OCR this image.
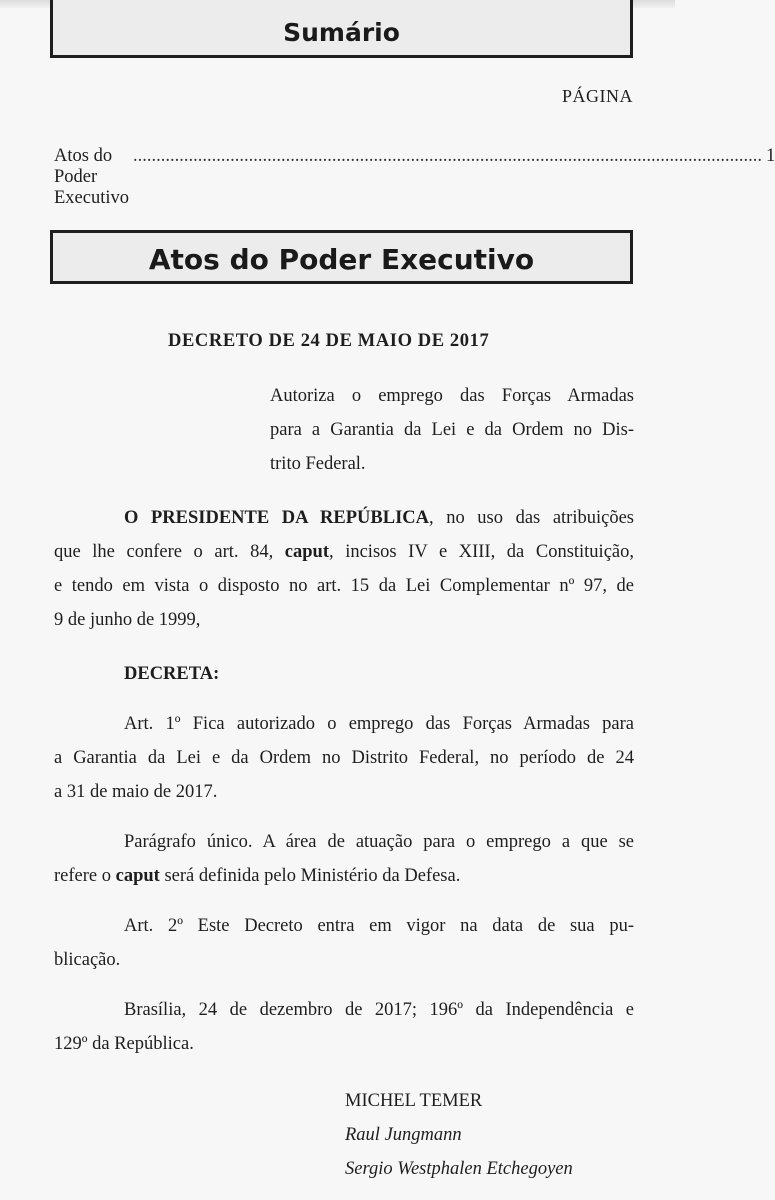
Sumário
PÁGINA
Atos do Poder Executivo
........................................................................................................................................ 1
Atos do Poder Executivo
DECRETO DE 24 DE MAIO DE 2017
Autoriza o emprego das Forças Armadas
para a Garantia da Lei e da Ordem no Dis-
trito Federal.
O PRESIDENTE DA REPÚBLICA, no uso das atribuições
que lhe confere o art. 84, caput, incisos IV e XIII, da Constituição,
e tendo em vista o disposto no art. 15 da Lei Complementar nº 97, de
9 de junho de 1999,
DECRETA:
Art. 1º Fica autorizado o emprego das Forças Armadas para
a Garantia da Lei e da Ordem no Distrito Federal, no período de 24
a 31 de maio de 2017.
Parágrafo único. A área de atuação para o emprego a que se
refere o caput será definida pelo Ministério da Defesa.
Art. 2º Este Decreto entra em vigor na data de sua pu-
blicação.
Brasília, 24 de dezembro de 2017; 196º da Independência e
129º da República.
MICHEL TEMER
Raul Jungmann
Sergio Westphalen Etchegoyen
